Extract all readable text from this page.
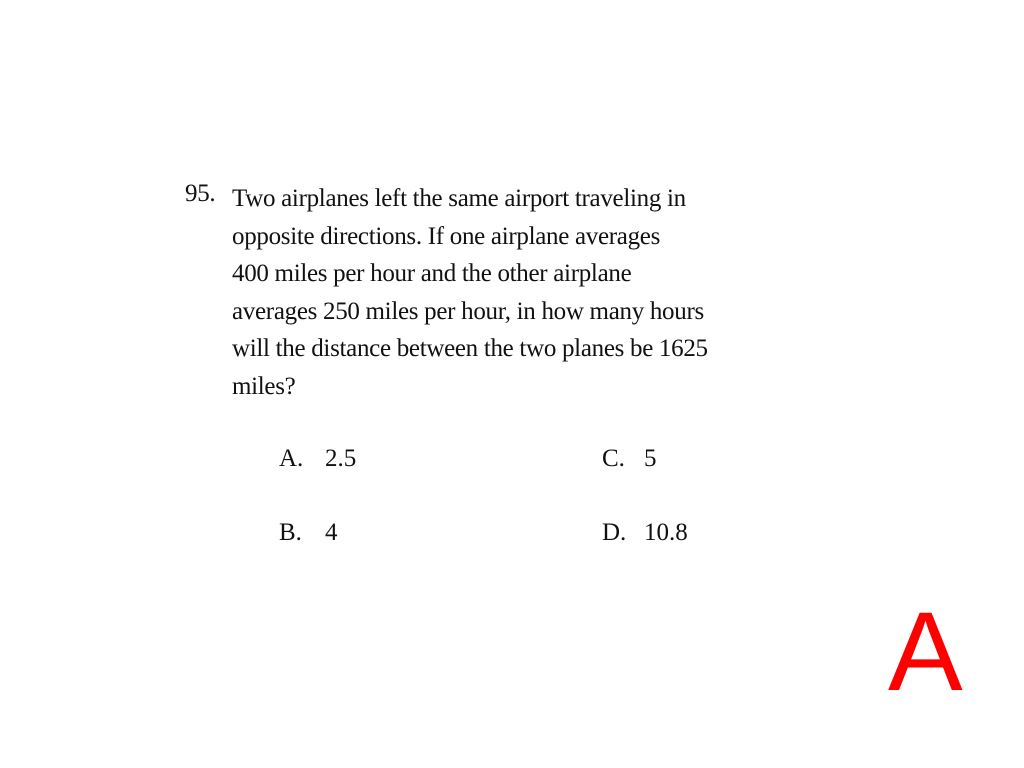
95. Two airplanes left the same airport traveling in
opposite directions. If one airplane averages
400 miles per hour and the other airplane
averages 250 miles per hour, in how many hours
will the distance between the two planes be 1625
miles?
A. 2.5
B. 4
C. 5
D. 10.8
A
